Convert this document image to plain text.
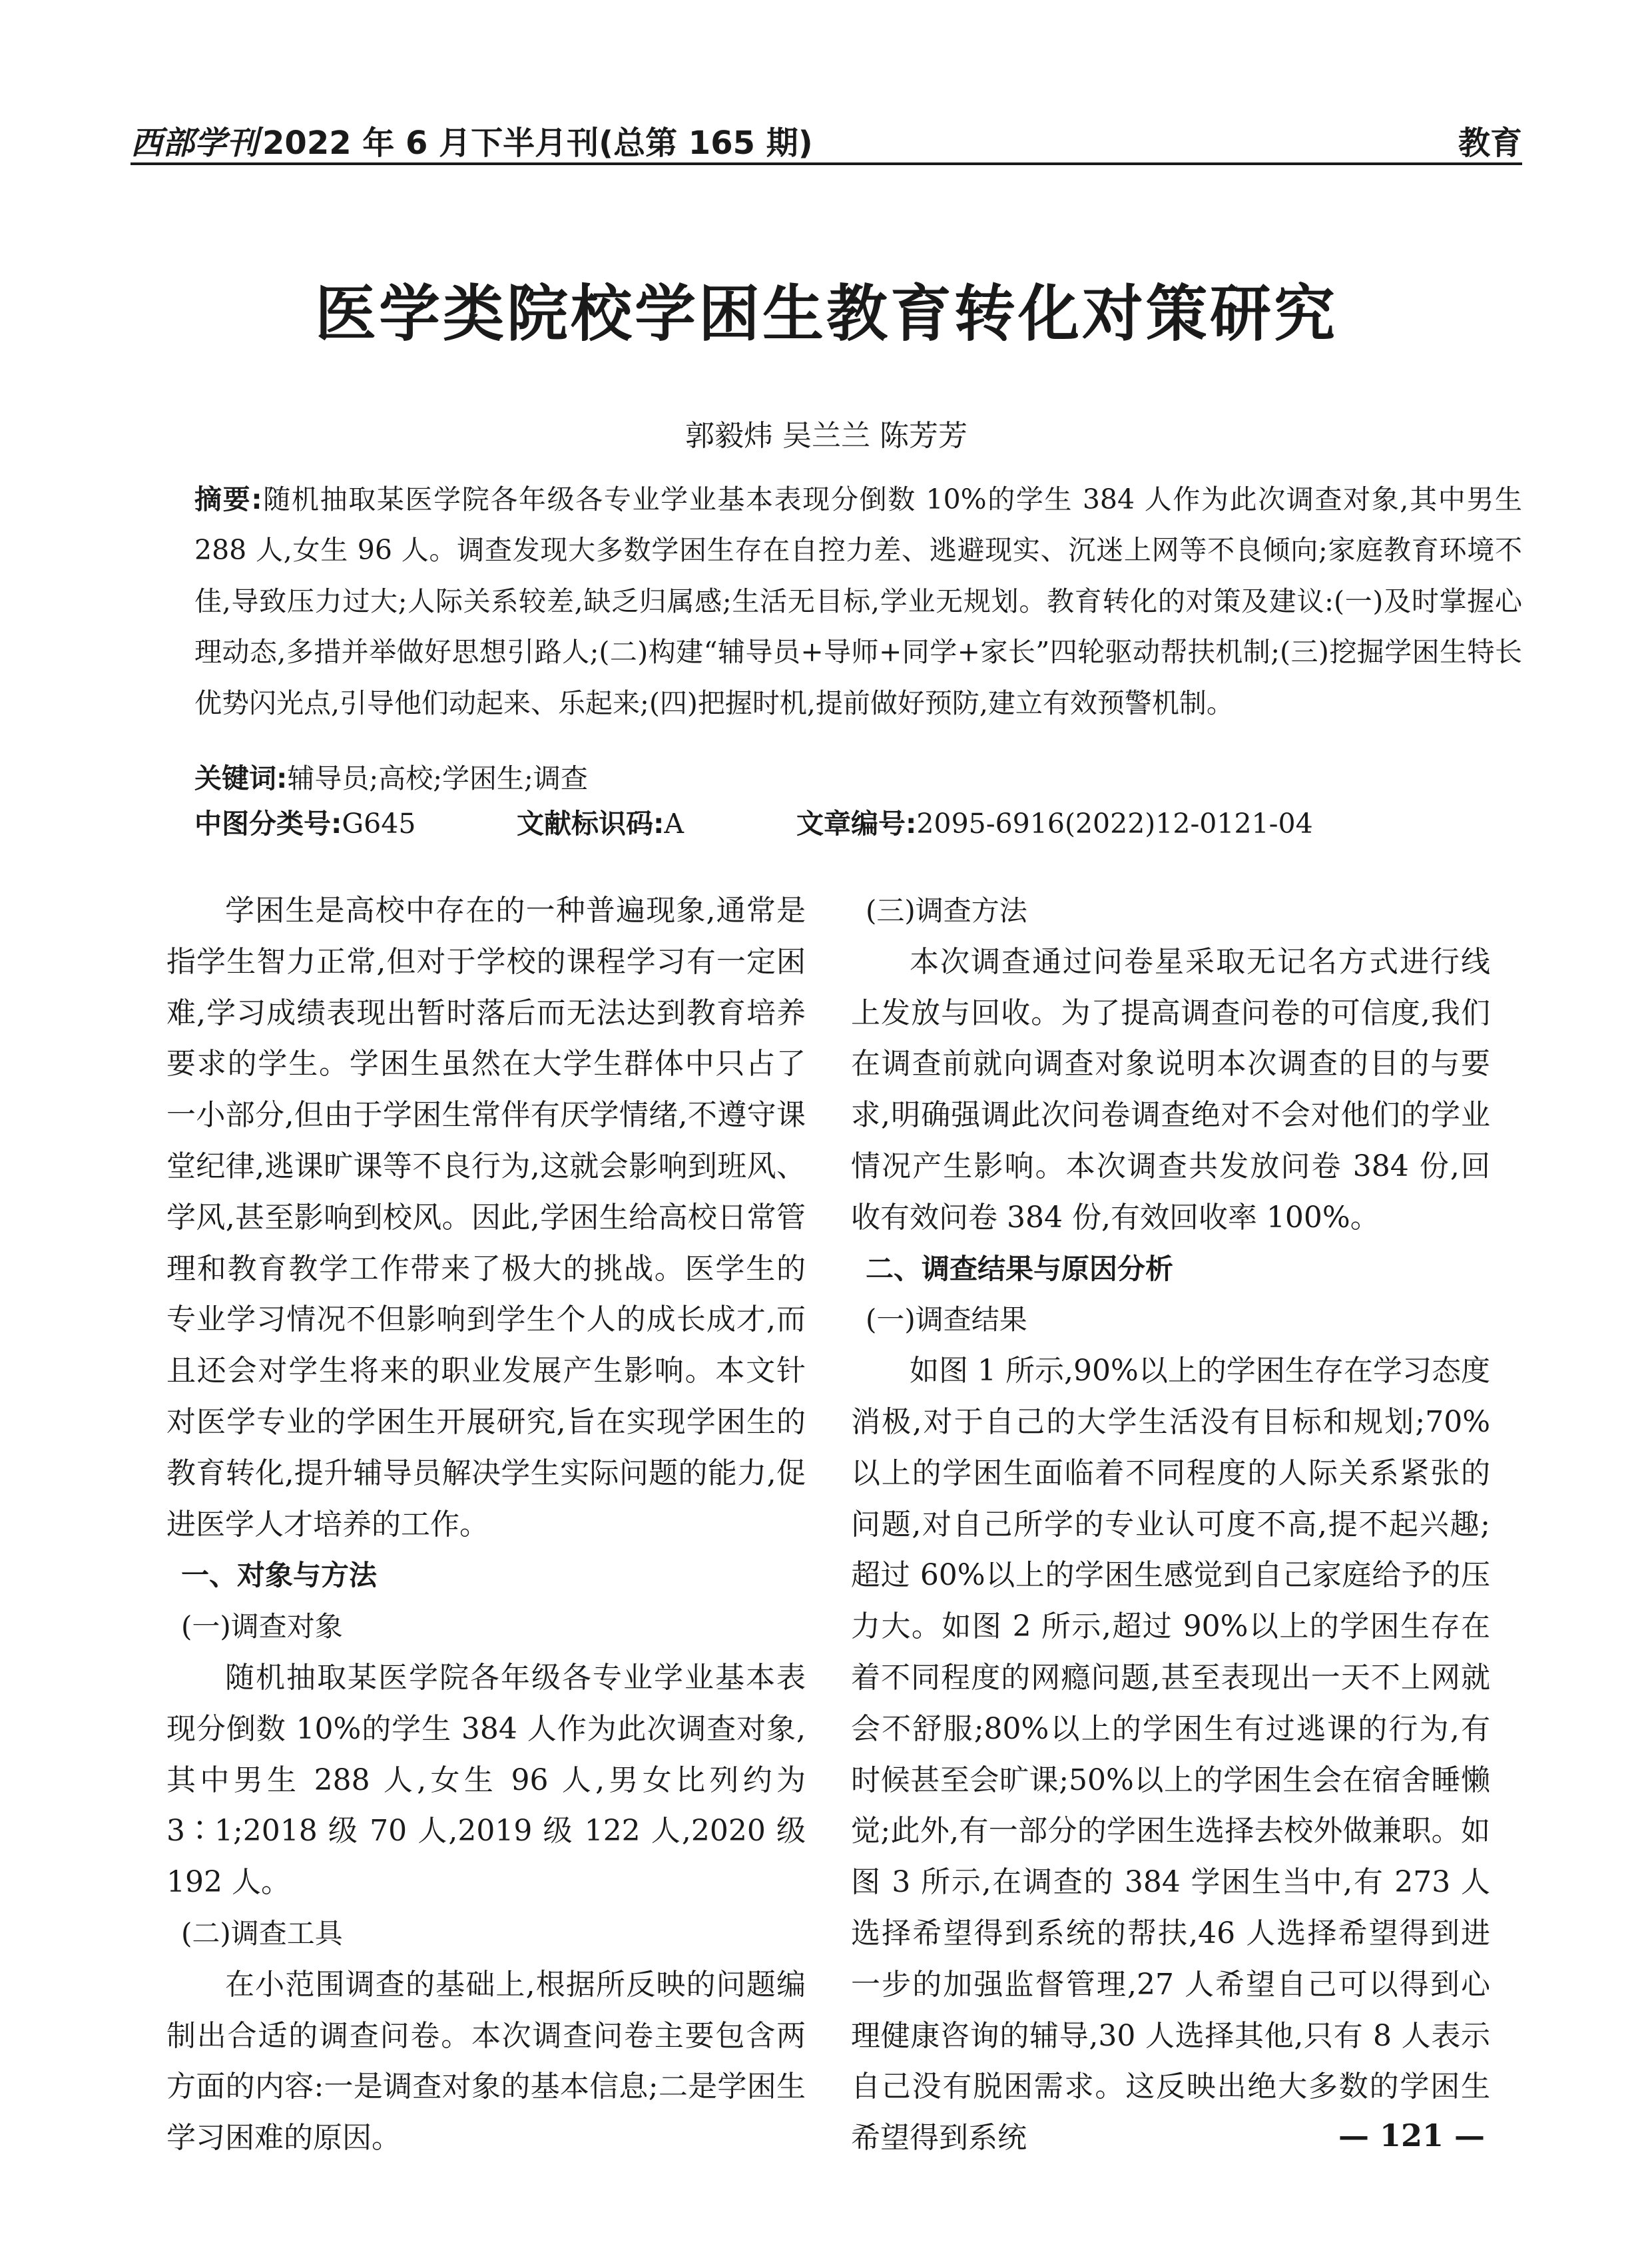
西部学刊 2022 年 6 月下半月刊(总第 165 期)	教育
医学类院校学困生教育转化对策研究
郭毅炜 吴兰兰 陈芳芳
摘要:随机抽取某医学院各年级各专业学业基本表现分倒数 10%的学生 384 人作为此次调查对象,其中男生 288 人,女生 96 人。调查发现大多数学困生存在自控力差、逃避现实、沉迷上网等不良倾向;家庭教育环境不佳,导致压力过大;人际关系较差,缺乏归属感;生活无目标,学业无规划。教育转化的对策及建议:(一)及时掌握心理动态,多措并举做好思想引路人;(二)构建“辅导员+导师+同学+家长”四轮驱动帮扶机制;(三)挖掘学困生特长优势闪光点,引导他们动起来、乐起来;(四)把握时机,提前做好预防,建立有效预警机制。
关键词:辅导员;高校;学困生;调查
中图分类号:G645	文献标识码:A	文章编号:2095-6916(2022)12-0121-04

学困生是高校中存在的一种普遍现象,通常是指学生智力正常,但对于学校的课程学习有一定困难,学习成绩表现出暂时落后而无法达到教育培养要求的学生。学困生虽然在大学生群体中只占了一小部分,但由于学困生常伴有厌学情绪,不遵守课堂纪律,逃课旷课等不良行为,这就会影响到班风、学风,甚至影响到校风。因此,学困生给高校日常管理和教育教学工作带来了极大的挑战。医学生的专业学习情况不但影响到学生个人的成长成才,而且还会对学生将来的职业发展产生影响。本文针对医学专业的学困生开展研究,旨在实现学困生的教育转化,提升辅导员解决学生实际问题的能力,促进医学人才培养的工作。

一、对象与方法
(一)调查对象

随机抽取某医学院各年级各专业学业基本表现分倒数 10%的学生 384 人作为此次调查对象,其中男生 288 人,女生 96 人,男女比列约为 3∶1;2018 级 70 人,2019 级 122 人,2020 级 192 人。

(二)调查工具

在小范围调查的基础上,根据所反映的问题编制出合适的调查问卷。本次调查问卷主要包含两方面的内容:一是调查对象的基本信息;二是学困生学习困难的原因。

(三)调查方法

本次调查通过问卷星采取无记名方式进行线上发放与回收。为了提高调查问卷的可信度,我们在调查前就向调查对象说明本次调查的目的与要求,明确强调此次问卷调查绝对不会对他们的学业情况产生影响。本次调查共发放问卷 384 份,回收有效问卷 384 份,有效回收率 100%。

二、调查结果与原因分析
(一)调查结果

如图 1 所示,90%以上的学困生存在学习态度消极,对于自己的大学生活没有目标和规划;70%以上的学困生面临着不同程度的人际关系紧张的问题,对自己所学的专业认可度不高,提不起兴趣;超过 60%以上的学困生感觉到自己家庭给予的压力大。如图 2 所示,超过 90%以上的学困生存在着不同程度的网瘾问题,甚至表现出一天不上网就会不舒服;80%以上的学困生有过逃课的行为,有时候甚至会旷课;50%以上的学困生会在宿舍睡懒觉;此外,有一部分的学困生选择去校外做兼职。如图 3 所示,在调查的 384 学困生当中,有 273 人选择希望得到系统的帮扶,46 人选择希望得到进一步的加强监督管理,27 人希望自己可以得到心理健康咨询的辅导,30 人选择其他,只有 8 人表示自己没有脱困需求。这反映出绝大多数的学困生希望得到系统	— 121 —
